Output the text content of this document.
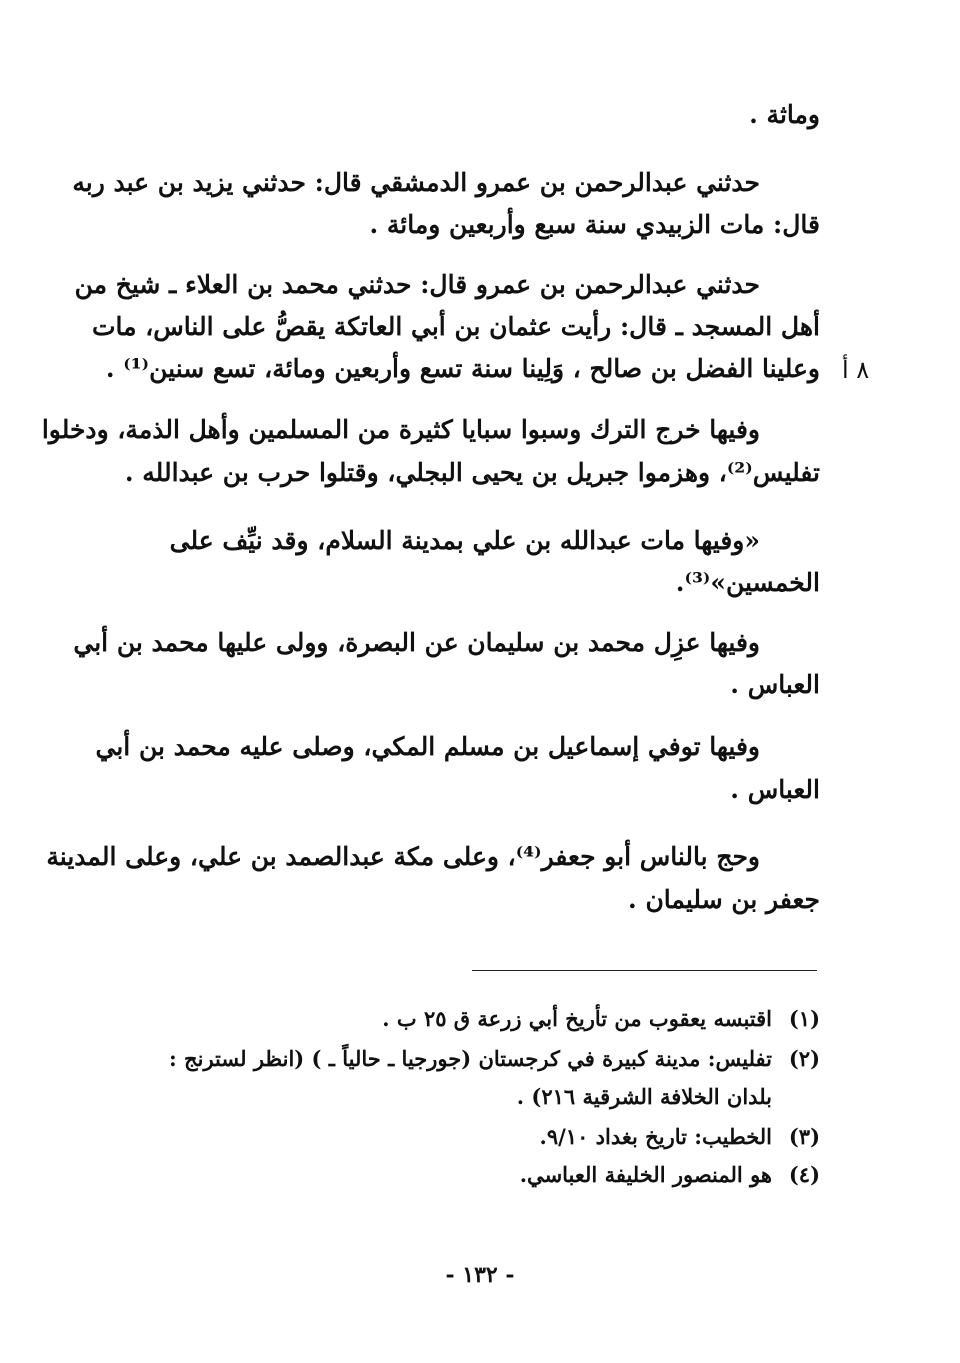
وماثة .
حدثني عبدالرحمن بن عمرو الدمشقي قال: حدثني يزيد بن عبد ربه
قال: مات الزبيدي سنة سبع وأربعين ومائة .
حدثني عبدالرحمن بن عمرو قال: حدثني محمد بن العلاء ـ شيخ من
أهل المسجد ـ قال: رأيت عثمان بن أبي العاتكة يقصُّ على الناس، مات
وعلينا الفضل بن صالح ، وَلِينا سنة تسع وأربعين ومائة، تسع سنين⁽¹⁾ . ٨ أ
وفيها خرج الترك وسبوا سبايا كثيرة من المسلمين وأهل الذمة، ودخلوا
تفليس⁽²⁾، وهزموا جبريل بن يحيى البجلي، وقتلوا حرب بن عبدالله .
«وفيها مات عبدالله بن علي بمدينة السلام، وقد نيِّف على
الخمسين»⁽³⁾.
وفيها عزِل محمد بن سليمان عن البصرة، وولى عليها محمد بن أبي
العباس .
وفيها توفي إسماعيل بن مسلم المكي، وصلى عليه محمد بن أبي
العباس .
وحج بالناس أبو جعفر⁽⁴⁾، وعلى مكة عبدالصمد بن علي، وعلى المدينة
جعفر بن سليمان .
(١)اقتبسه يعقوب من تأريخ أبي زرعة ق ٢٥ ب .
(٢)تفليس: مدينة كبيرة في كرجستان (جورجيا ـ حالياً ـ ) (انظر لسترنج :
بلدان الخلافة الشرقية ٢١٦) .
(٣)الخطيب: تاريخ بغداد ٩/١٠.
(٤)هو المنصور الخليفة العباسي.
- ١٣٢ -
